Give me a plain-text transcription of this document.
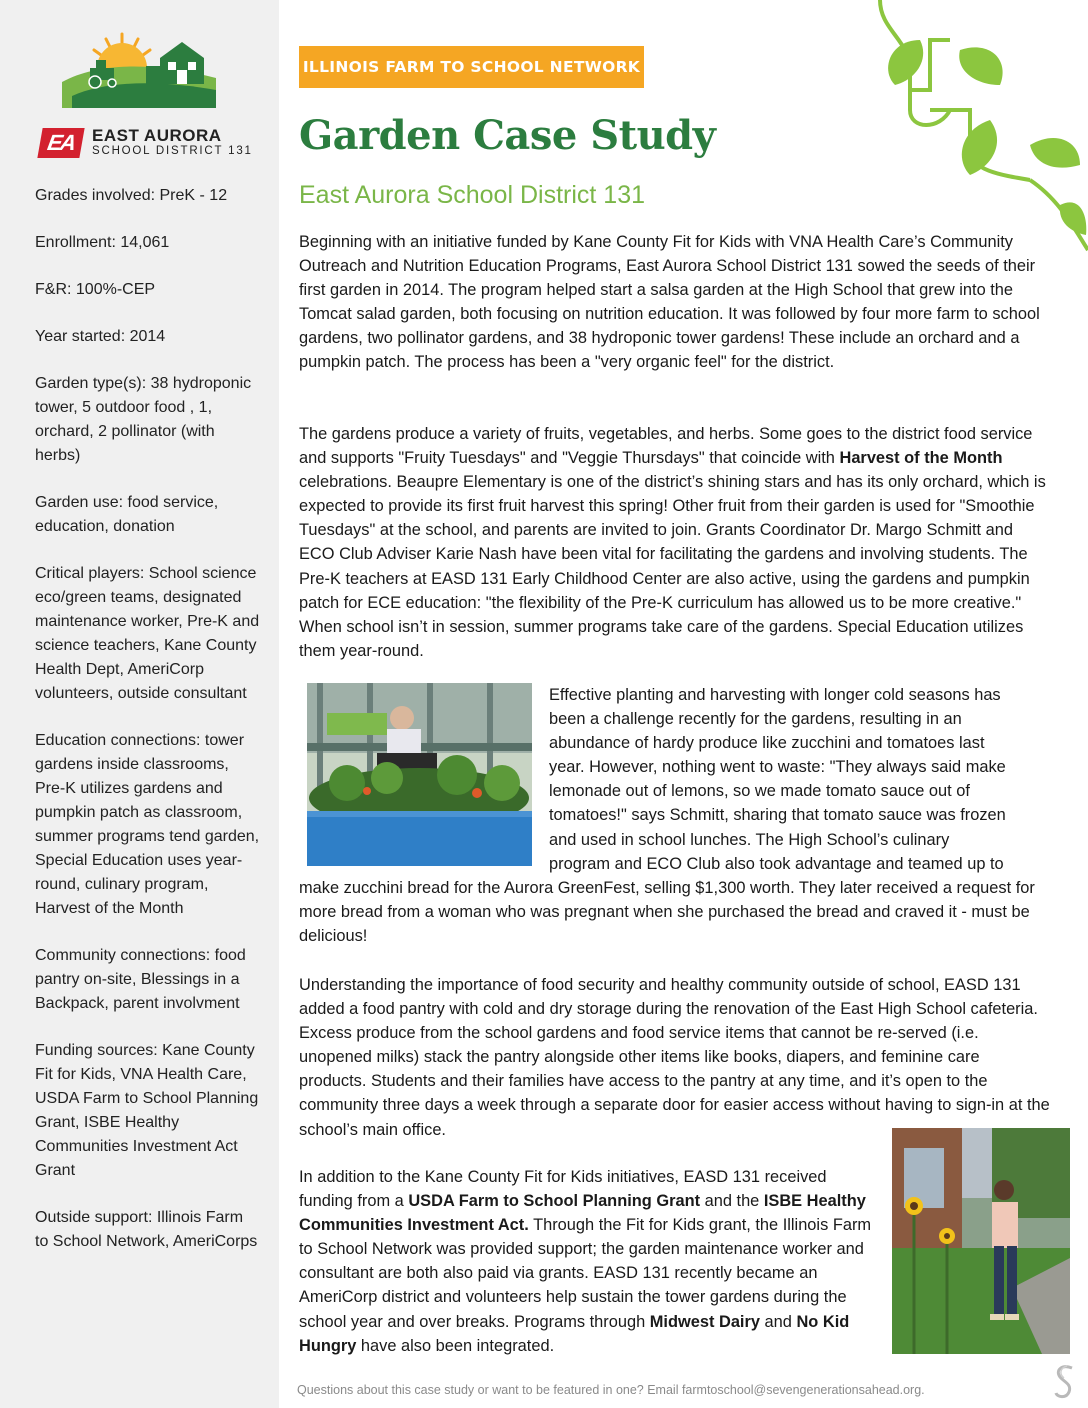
EA EAST AURORA
SCHOOL DISTRICT 131

Grades involved: PreK - 12

Enrollment: 14,061

F&R: 100%-CEP

Year started: 2014

Garden type(s): 38 hydroponic tower, 5 outdoor food , 1, orchard, 2 pollinator (with herbs)

Garden use: food service, education, donation

Critical players: School science eco/green teams, designated maintenance worker, Pre-K and science teachers, Kane County Health Dept, AmeriCorp volunteers, outside consultant

Education connections: tower gardens inside classrooms, Pre-K utilizes gardens and pumpkin patch as classroom, summer programs tend garden, Special Education uses year-round, culinary program, Harvest of the Month

Community connections: food pantry on-site, Blessings in a Backpack, parent involvment

Funding sources: Kane County Fit for Kids, VNA Health Care, USDA Farm to School Planning Grant, ISBE Healthy Communities Investment Act Grant

Outside support: Illinois Farm to School Network, AmeriCorps

ILLINOIS FARM TO SCHOOL NETWORK
Garden Case Study
East Aurora School District 131

Beginning with an initiative funded by Kane County Fit for Kids with VNA Health Care’s Community Outreach and Nutrition Education Programs, East Aurora School District 131 sowed the seeds of their first garden in 2014. The program helped start a salsa garden at the High School that grew into the Tomcat salad garden, both focusing on nutrition education. It was followed by four more farm to school gardens, two pollinator gardens, and 38 hydroponic tower gardens! These include an orchard and a pumpkin patch. The process has been a "very organic feel" for the district.

The gardens produce a variety of fruits, vegetables, and herbs. Some goes to the district food service and supports "Fruity Tuesdays" and "Veggie Thursdays" that coincide with Harvest of the Month celebrations. Beaupre Elementary is one of the district’s shining stars and has its only orchard, which is expected to provide its first fruit harvest this spring! Other fruit from their garden is used for "Smoothie Tuesdays" at the school, and parents are invited to join. Grants Coordinator Dr. Margo Schmitt and ECO Club Adviser Karie Nash have been vital for facilitating the gardens and involving students. The Pre-K teachers at EASD 131 Early Childhood Center are also active, using the gardens and pumpkin patch for ECE education: "the flexibility of the Pre-K curriculum has allowed us to be more creative." When school isn’t in session, summer programs take care of the gardens. Special Education utilizes them year-round.

Effective planting and harvesting with longer cold seasons has
been a challenge recently for the gardens, resulting in an
abundance of hardy produce like zucchini and tomatoes last
year. However, nothing went to waste: "They always said make
lemonade out of lemons, so we made tomato sauce out of
tomatoes!" says Schmitt, sharing that tomato sauce was frozen
and used in school lunches. The High School’s culinary
program and ECO Club also took advantage and teamed up to

make zucchini bread for the Aurora GreenFest, selling $1,300 worth. They later received a request for more bread from a woman who was pregnant when she purchased the bread and craved it - must be delicious!

Understanding the importance of food security and healthy community outside of school, EASD 131 added a food pantry with cold and dry storage during the renovation of the East High School cafeteria. Excess produce from the school gardens and food service items that cannot be re-served (i.e. unopened milks) stack the pantry alongside other items like books, diapers, and feminine care products. Students and their families have access to the pantry at any time, and it’s open to the community three days a week through a separate door for easier access without having to sign-in at the school’s main office.

In addition to the Kane County Fit for Kids initiatives, EASD 131 received funding from a USDA Farm to School Planning Grant and the ISBE Healthy Communities Investment Act. Through the Fit for Kids grant, the Illinois Farm to School Network was provided support; the garden maintenance worker and consultant are both also paid via grants. EASD 131 recently became an AmeriCorp district and volunteers help sustain the tower gardens during the school year and over breaks. Programs through Midwest Dairy and No Kid Hungry have also been integrated.

Questions about this case study or want to be featured in one? Email farmtoschool@sevengenerationsahead.org.
